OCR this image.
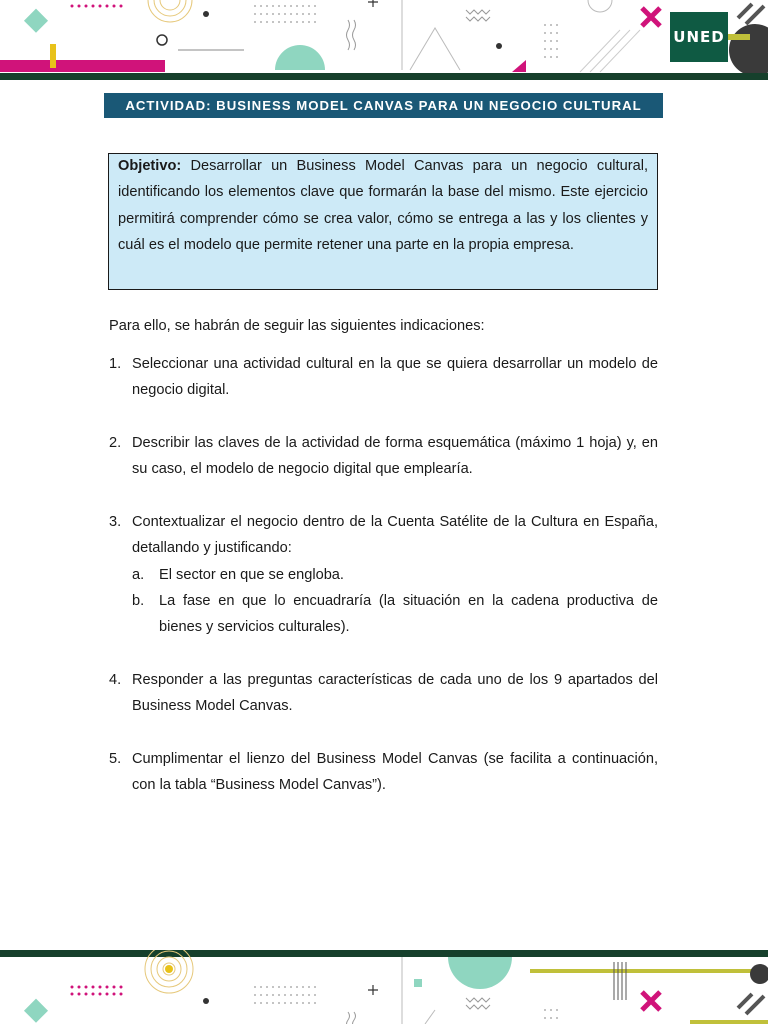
UNED
ACTIVIDAD: BUSINESS MODEL CANVAS PARA UN NEGOCIO CULTURAL
Objetivo: Desarrollar un Business Model Canvas para un negocio cultural, identificando los elementos clave que formarán la base del mismo. Este ejercicio permitirá comprender cómo se crea valor, cómo se entrega a las y los clientes y cuál es el modelo que permite retener una parte en la propia empresa.
Para ello, se habrán de seguir las siguientes indicaciones:
1. Seleccionar una actividad cultural en la que se quiera desarrollar un modelo de negocio digital.
2. Describir las claves de la actividad de forma esquemática (máximo 1 hoja) y, en su caso, el modelo de negocio digital que emplearía.
3. Contextualizar el negocio dentro de la Cuenta Satélite de la Cultura en España, detallando y justificando:
a. El sector en que se engloba.
b. La fase en que lo encuadraría (la situación en la cadena productiva de bienes y servicios culturales).
4. Responder a las preguntas características de cada uno de los 9 apartados del Business Model Canvas.
5. Cumplimentar el lienzo del Business Model Canvas (se facilita a continuación, con la tabla “Business Model Canvas”).
